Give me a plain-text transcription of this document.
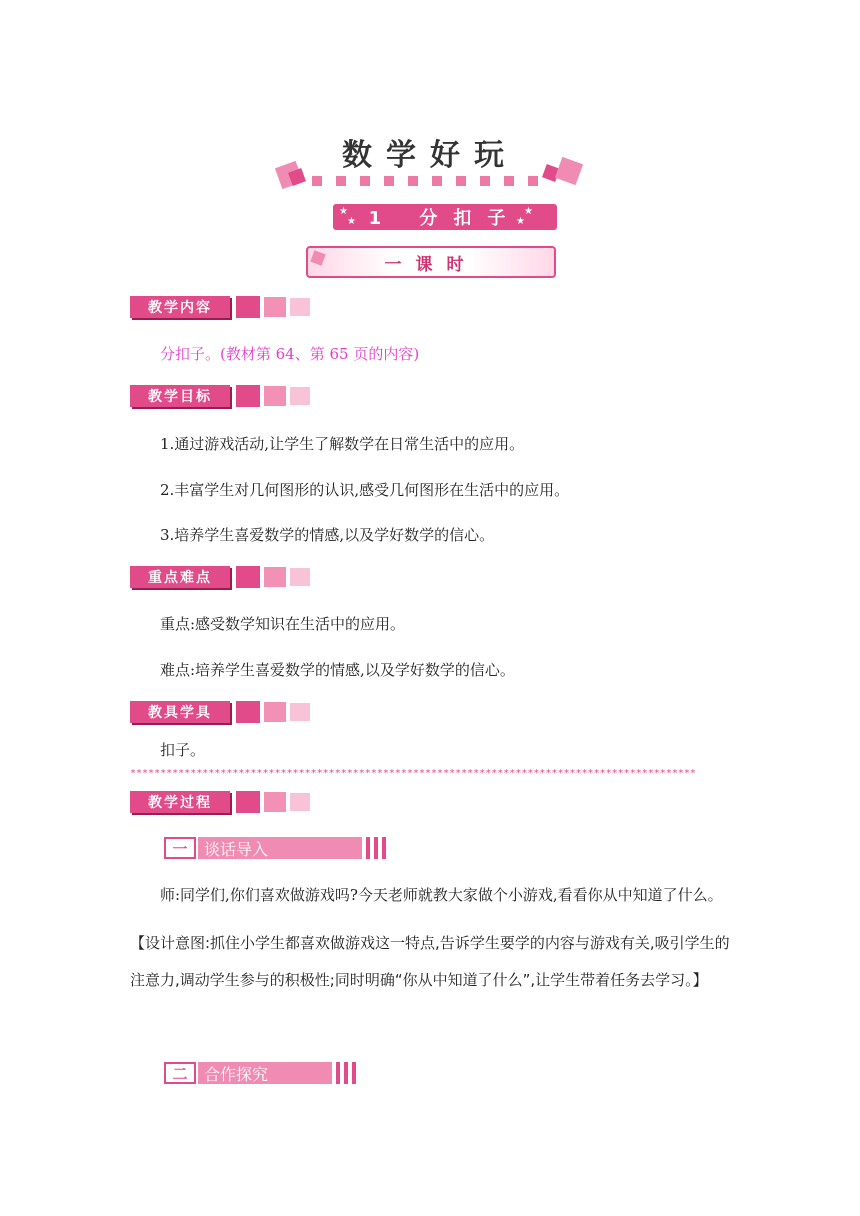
数学好玩
★
★
1 分扣子 ★
★
一课时
教学内容
分扣子。(教材第 64、第 65 页的内容)
教学目标
1.通过游戏活动,让学生了解数学在日常生活中的应用。
2.丰富学生对几何图形的认识,感受几何图形在生活中的应用。
3.培养学生喜爱数学的情感,以及学好数学的信心。
重点难点
重点:感受数学知识在生活中的应用。
难点:培养学生喜爱数学的情感,以及学好数学的信心。
教具学具
扣子。
**********************************************************************************************
教学过程
一	谈话导入
师:同学们,你们喜欢做游戏吗?今天老师就教大家做个小游戏,看看你从中知道了什么。
【设计意图:抓住小学生都喜欢做游戏这一特点,告诉学生要学的内容与游戏有关,吸引学生的注意力,调动学生参与的积极性;同时明确“你从中知道了什么”,让学生带着任务去学习。】
二	合作探究
